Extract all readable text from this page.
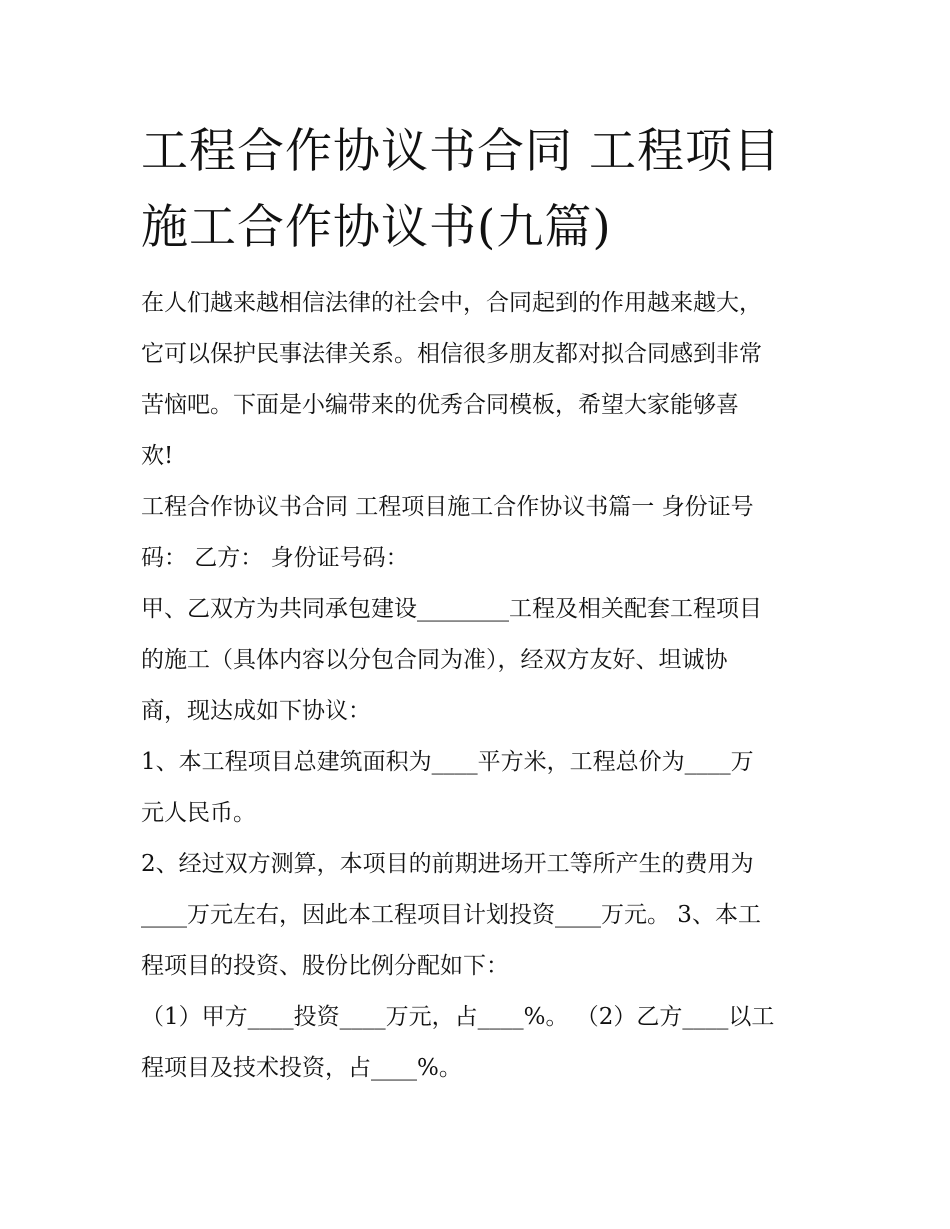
工程合作协议书合同 工程项目
施工合作协议书(九篇)

在人们越来越相信法律的社会中，合同起到的作用越来越大，
它可以保护民事法律关系。相信很多朋友都对拟合同感到非常
苦恼吧。下面是小编带来的优秀合同模板，希望大家能够喜
欢!

工程合作协议书合同 工程项目施工合作协议书篇一 身份证号
码： 乙方： 身份证号码：

甲、乙双方为共同承包建设________工程及相关配套工程项目
的施工（具体内容以分包合同为准），经双方友好、坦诚协
商，现达成如下协议：

1、本工程项目总建筑面积为____平方米，工程总价为____万
元人民币。

2、经过双方测算，本项目的前期进场开工等所产生的费用为
____万元左右，因此本工程项目计划投资____万元。 3、本工
程项目的投资、股份比例分配如下：

（1）甲方____投资____万元，占____%。 （2）乙方____以工
程项目及技术投资，占____%。
